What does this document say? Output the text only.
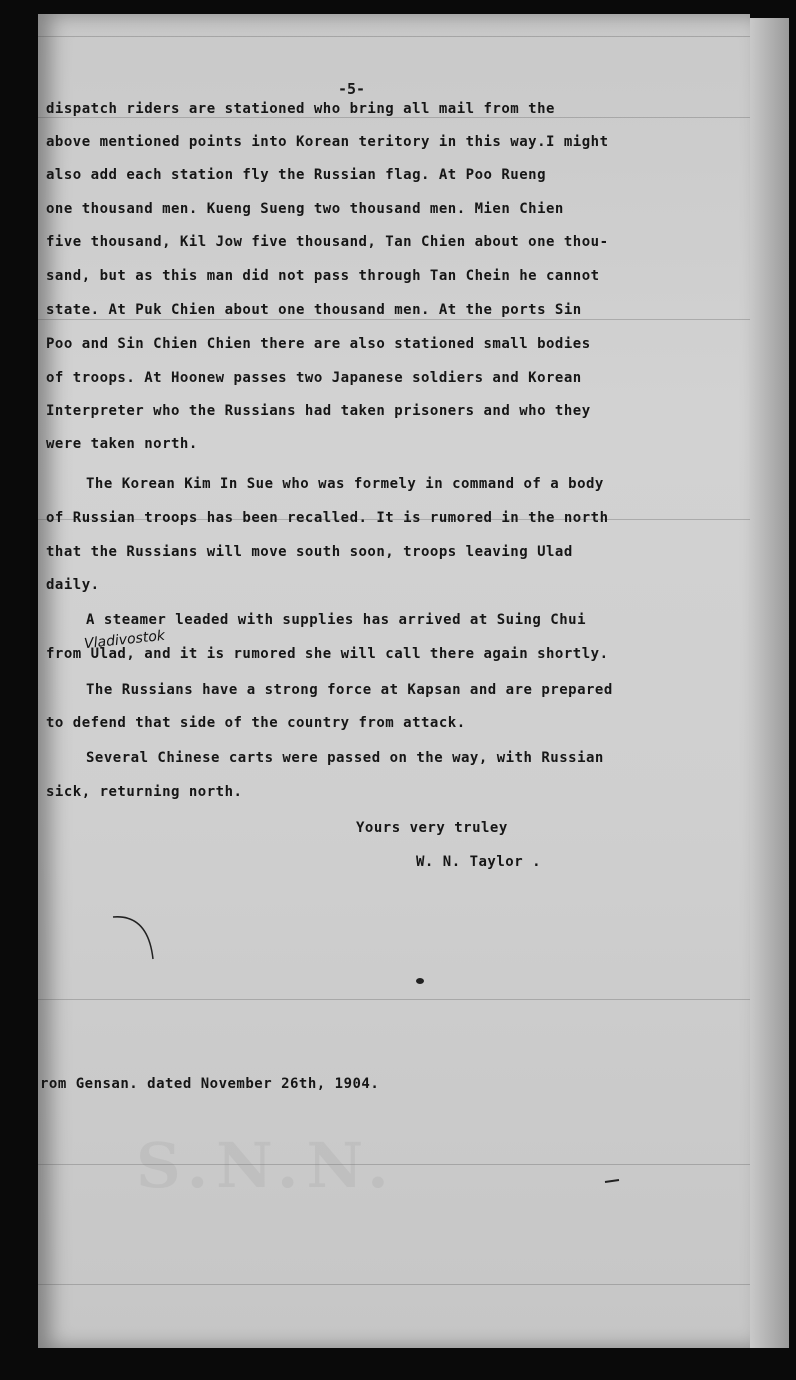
-5-
dispatch riders are stationed who bring all mail from the
above mentioned points into Korean teritory in this way.I might
also add each station fly the Russian flag. At Poo Rueng
one thousand men. Kueng Sueng two thousand men. Mien Chien
five thousand, Kil Jow five thousand, Tan Chien about one thou-
sand, but as this man did not pass through Tan Chein he cannot
state. At Puk Chien about one thousand men. At the ports Sin
Poo and Sin Chien Chien there are also stationed small bodies
of troops. At Hoonew passes two Japanese soldiers and Korean
Interpreter who the Russians had taken prisoners and who they
were taken north.
The Korean Kim In Sue who was formely in command of a body
of Russian troops has been recalled. It is rumored in the north
that the Russians will move south soon, troops leaving Ulad
daily.
A steamer leaded with supplies has arrived at Suing Chui
from Ulad, and it is rumored she will call there again shortly.
The Russians have a strong force at Kapsan and are prepared
to defend that side of the country from attack.
Several Chinese carts were passed on the way, with Russian
sick, returning north.
Yours very truley
W. N. Taylor .
Vladivostok
rom Gensan. dated November 26th, 1904.
S.N.N.
